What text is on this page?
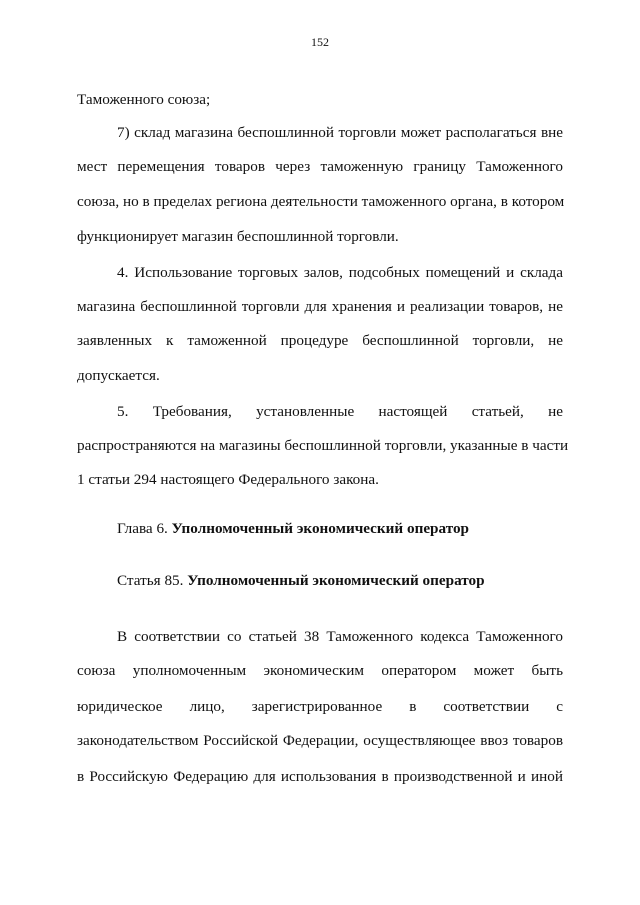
152
Таможенного союза;
7) склад магазина беспошлинной торговли может располагаться вне
мест перемещения товаров через таможенную границу Таможенного
союза, но в пределах региона деятельности таможенного органа, в котором
функционирует магазин беспошлинной торговли.
4. Использование торговых залов, подсобных помещений и склада
магазина беспошлинной торговли для хранения и реализации товаров, не
заявленных к таможенной процедуре беспошлинной торговли, не
допускается.
5. Требования, установленные настоящей статьей, не
распространяются на магазины беспошлинной торговли, указанные в части
1 статьи 294 настоящего Федерального закона.
Глава 6. Уполномоченный экономический оператор
Статья 85. Уполномоченный экономический оператор
В соответствии со статьей 38 Таможенного кодекса Таможенного
союза уполномоченным экономическим оператором может быть
юридическое лицо, зарегистрированное в соответствии с
законодательством Российской Федерации, осуществляющее ввоз товаров
в Российскую Федерацию для использования в производственной и иной
